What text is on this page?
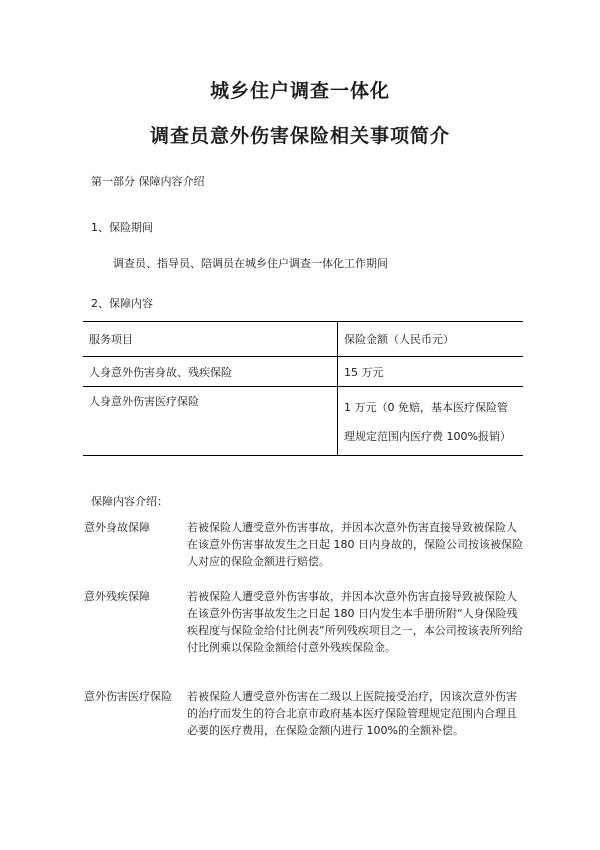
城乡住户调查一体化
调查员意外伤害保险相关事项简介
第一部分 保障内容介绍
1、保险期间
调查员、指导员、陪调员在城乡住户调查一体化工作期间
2、保障内容
服务项目	保险金额（人民币元）
人身意外伤害身故、残疾保险	15 万元
人身意外伤害医疗保险	1 万元（0 免赔，基本医疗保险管理规定范围内医疗费 100%报销）
保障内容介绍：
意外身故保障	若被保险人遭受意外伤害事故，并因本次意外伤害直接导致被保险人在该意外伤害事故发生之日起 180 日内身故的，保险公司按该被保险人对应的保险金额进行赔偿。
意外残疾保障	若被保险人遭受意外伤害事故，并因本次意外伤害直接导致被保险人在该意外伤害事故发生之日起 180 日内发生本手册所附“人身保险残疾程度与保险金给付比例表”所列残疾项目之一，本公司按该表所列给付比例乘以保险金额给付意外残疾保险金。
意外伤害医疗保险 若被保险人遭受意外伤害在二级以上医院接受治疗，因该次意外伤害的治疗而发生的符合北京市政府基本医疗保险管理规定范围内合理且必要的医疗费用，在保险金额内进行 100%的全额补偿。
